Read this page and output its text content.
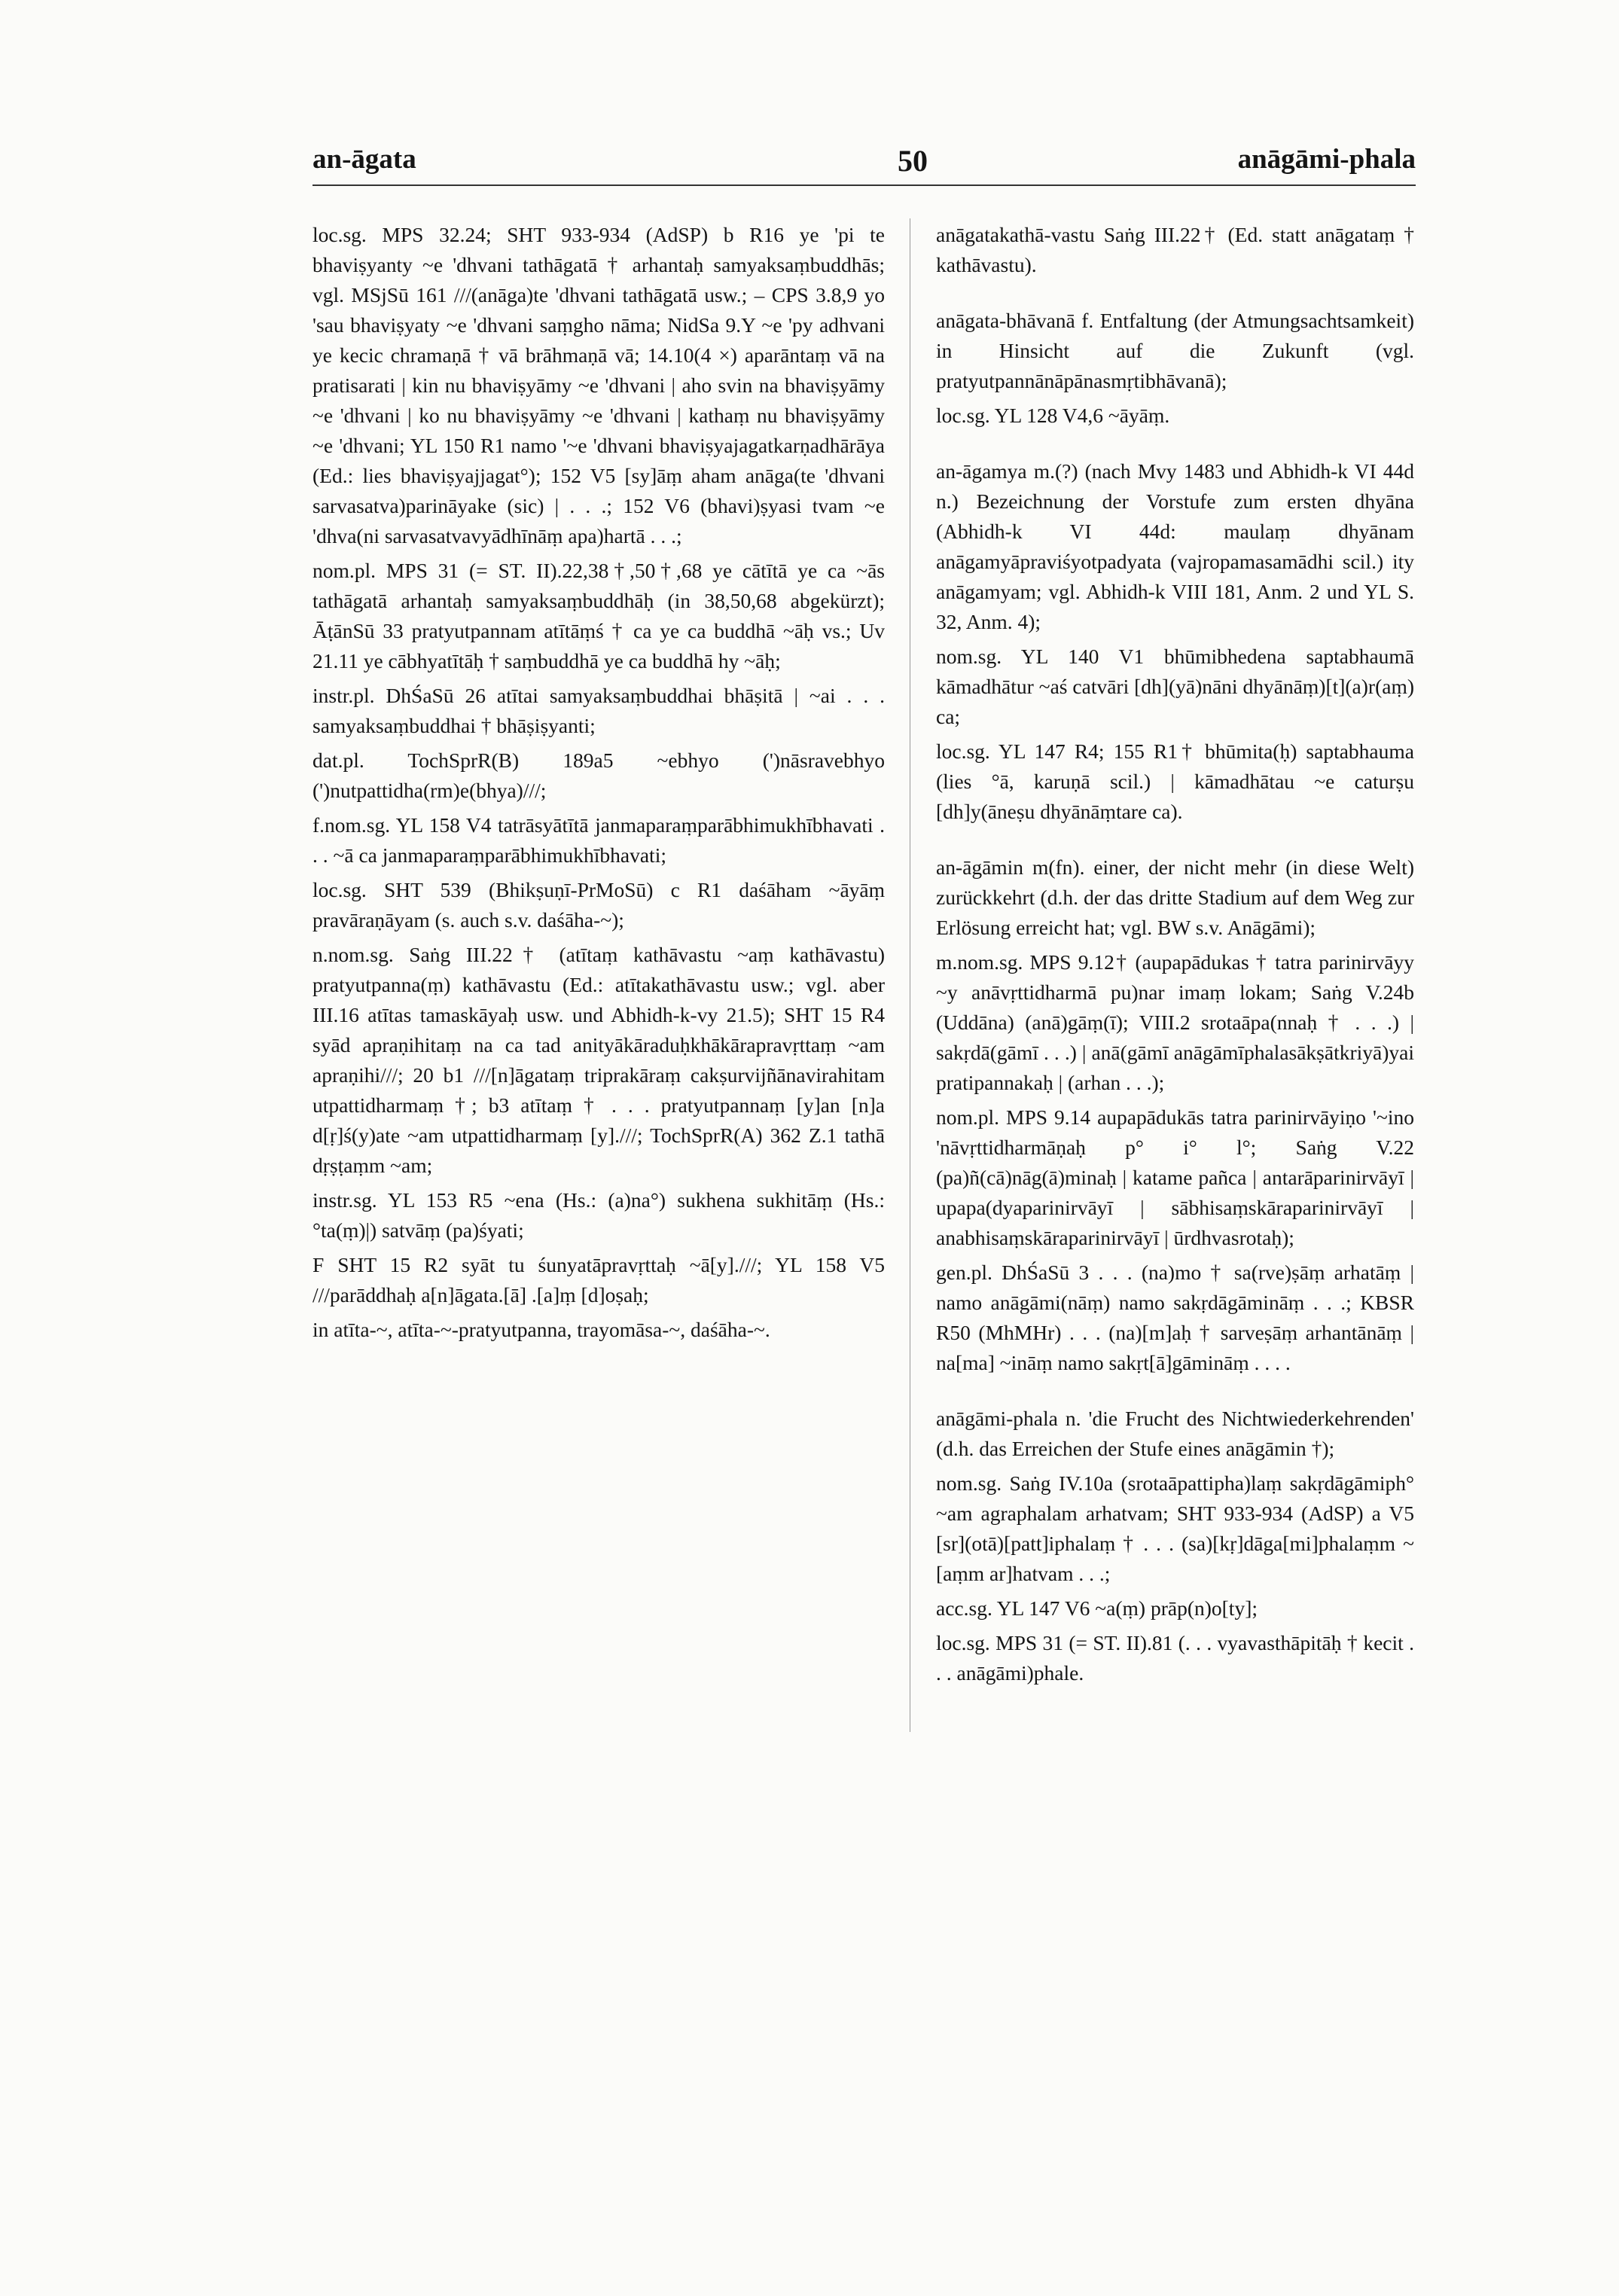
an-āgata	50	anāgāmi-phala

loc.sg. MPS 32.24; SHT 933-934 (AdSP) b R16 ye 'pi te bhaviṣyanty ~e 'dhvani tathāgatā † arhantaḥ samyaksaṃbuddhās; vgl. MSjSū 161 ///(anāga)te 'dhvani tathāgatā usw.; – CPS 3.8,9 yo 'sau bhaviṣyaty ~e 'dhvani saṃgho nāma; NidSa 9.Y ~e 'py adhvani ye kecic chramaṇā † vā brāhmaṇā vā; 14.10(4 ×) aparāntaṃ vā na pratisarati | kin nu bhaviṣyāmy ~e 'dhvani | aho svin na bhaviṣyāmy ~e 'dhvani | ko nu bhaviṣyāmy ~e 'dhvani | kathaṃ nu bhaviṣyāmy ~e 'dhvani; YL 150 R1 namo '~e 'dhvani bhaviṣyajagatkarṇadhārāya (Ed.: lies bhaviṣyajjagat°); 152 V5 [sy]āṃ aham anāga(te 'dhvani sarvasatva)parināyake (sic) | . . .; 152 V6 (bhavi)ṣyasi tvam ~e 'dhva(ni sarvasatvavyādhīnāṃ apa)hartā . . .;

nom.pl. MPS 31 (= ST. II).22,38†,50†,68 ye cātītā ye ca ~ās tathāgatā arhantaḥ samyaksaṃbuddhāḥ (in 38,50,68 abgekürzt); ĀṭānSū 33 pratyutpannam atītāṃś † ca ye ca buddhā ~āḥ vs.; Uv 21.11 ye cābhyatītāḥ † saṃbuddhā ye ca buddhā hy ~āḥ;

instr.pl. DhŚaSū 26 atītai samyaksaṃbuddhai bhāṣitā | ~ai . . . samyaksaṃbuddhai † bhāṣiṣyanti;

dat.pl. TochSprR(B) 189a5 ~ebhyo (')nāsravebhyo (')nutpattidha(rm)e(bhya)///;

f.nom.sg. YL 158 V4 tatrāsyātītā janmaparaṃparābhimukhībhavati . . . ~ā ca janmaparaṃparābhimukhībhavati;

loc.sg. SHT 539 (Bhikṣuṇī-PrMoSū) c R1 daśāham ~āyāṃ pravāraṇāyam (s. auch s.v. daśāha-~);

n.nom.sg. Saṅg III.22† (atītaṃ kathāvastu ~aṃ kathāvastu) pratyutpanna(ṃ) kathāvastu (Ed.: atītakathāvastu usw.; vgl. aber III.16 atītas tamaskāyaḥ usw. und Abhidh-k-vy 21.5); SHT 15 R4 syād apraṇihitaṃ na ca tad anityākāraduḥkhākārapravṛttaṃ ~am apraṇihi///; 20 b1 ///[n]āgataṃ triprakāraṃ cakṣurvijñānavirahitam utpattidharmaṃ †; b3 atītaṃ † . . . pratyutpannaṃ [y]an [n]a d[ṛ]ś(y)ate ~am utpattidharmaṃ [y].///; TochSprR(A) 362 Z.1 tathā dṛṣṭaṃm ~am;

instr.sg. YL 153 R5 ~ena (Hs.: (a)na°) sukhena sukhitāṃ (Hs.: °ta(ṃ)|) satvāṃ (pa)śyati;

F SHT 15 R2 syāt tu śunyatāpravṛttaḥ ~ā[y].///; YL 158 V5 ///parāddhaḥ a[n]āgata.[ā] .[a]ṃ [d]oṣaḥ;

in atīta-~, atīta-~-pratyutpanna, trayomāsa-~, daśāha-~.

anāgatakathā-vastu Saṅg III.22† (Ed. statt anāgataṃ † kathāvastu).

anāgata-bhāvanā f. Entfaltung (der Atmungsachtsamkeit) in Hinsicht auf die Zukunft (vgl. pratyutpannānāpānasmṛtibhāvanā);

loc.sg. YL 128 V4,6 ~āyāṃ.

an-āgamya m.(?) (nach Mvy 1483 und Abhidh-k VI 44d n.) Bezeichnung der Vorstufe zum ersten dhyāna (Abhidh-k VI 44d: maulaṃ dhyānam anāgamyāpraviśyotpadyata (vajropamasamādhi scil.) ity anāgamyam; vgl. Abhidh-k VIII 181, Anm. 2 und YL S. 32, Anm. 4);

nom.sg. YL 140 V1 bhūmibhedena saptabhaumā kāmadhātur ~aś catvāri [dh](yā)nāni dhyānāṃ)[t](a)r(aṃ) ca;

loc.sg. YL 147 R4; 155 R1† bhūmita(ḥ) saptabhauma (lies °ā, karuṇā scil.) | kāmadhātau ~e caturṣu [dh]y(āneṣu dhyānāṃtare ca).

an-āgāmin m(fn). einer, der nicht mehr (in diese Welt) zurückkehrt (d.h. der das dritte Stadium auf dem Weg zur Erlösung erreicht hat; vgl. BW s.v. Anāgāmi);

m.nom.sg. MPS 9.12† (aupapādukas † tatra parinirvāyy ~y anāvṛttidharmā pu)nar imaṃ lokam; Saṅg V.24b (Uddāna) (anā)gāṃ(ī); VIII.2 srotaāpa(nnaḥ † . . .) | sakṛdā(gāmī . . .) | anā(gāmī anāgāmīphalasākṣātkriyā)yai pratipannakaḥ | (arhan . . .);

nom.pl. MPS 9.14 aupapādukās tatra parinirvāyiṇo '~ino 'nāvṛttidharmāṇaḥ p° i° l°; Saṅg V.22 (pa)ñ(cā)nāg(ā)minaḥ | katame pañca | antarāparinirvāyī | upapa(dyaparinirvāyī | sābhisaṃskāraparinirvāyī | anabhisaṃskāraparinirvāyī | ūrdhvasrotaḥ);

gen.pl. DhŚaSū 3 . . . (na)mo † sa(rve)ṣāṃ arhatāṃ | namo anāgāmi(nāṃ) namo sakṛdāgāmināṃ . . .; KBSR R50 (MhMHr) . . . (na)[m]aḥ † sarveṣāṃ arhantānāṃ | na[ma] ~ināṃ namo sakṛt[ā]gāmināṃ . . . .

anāgāmi-phala n. 'die Frucht des Nichtwiederkehrenden' (d.h. das Erreichen der Stufe eines anāgāmin †);

nom.sg. Saṅg IV.10a (srotaāpattipha)laṃ sakṛdāgāmiph° ~am agraphalam arhatvam; SHT 933-934 (AdSP) a V5 [sr](otā)[patt]iphalaṃ † . . . (sa)[kṛ]dāga[mi]phalaṃm ~[aṃm ar]hatvam . . .;

acc.sg. YL 147 V6 ~a(ṃ) prāp(n)o[ty];

loc.sg. MPS 31 (= ST. II).81 (. . . vyavasthāpitāḥ † kecit . . . anāgāmi)phale.
